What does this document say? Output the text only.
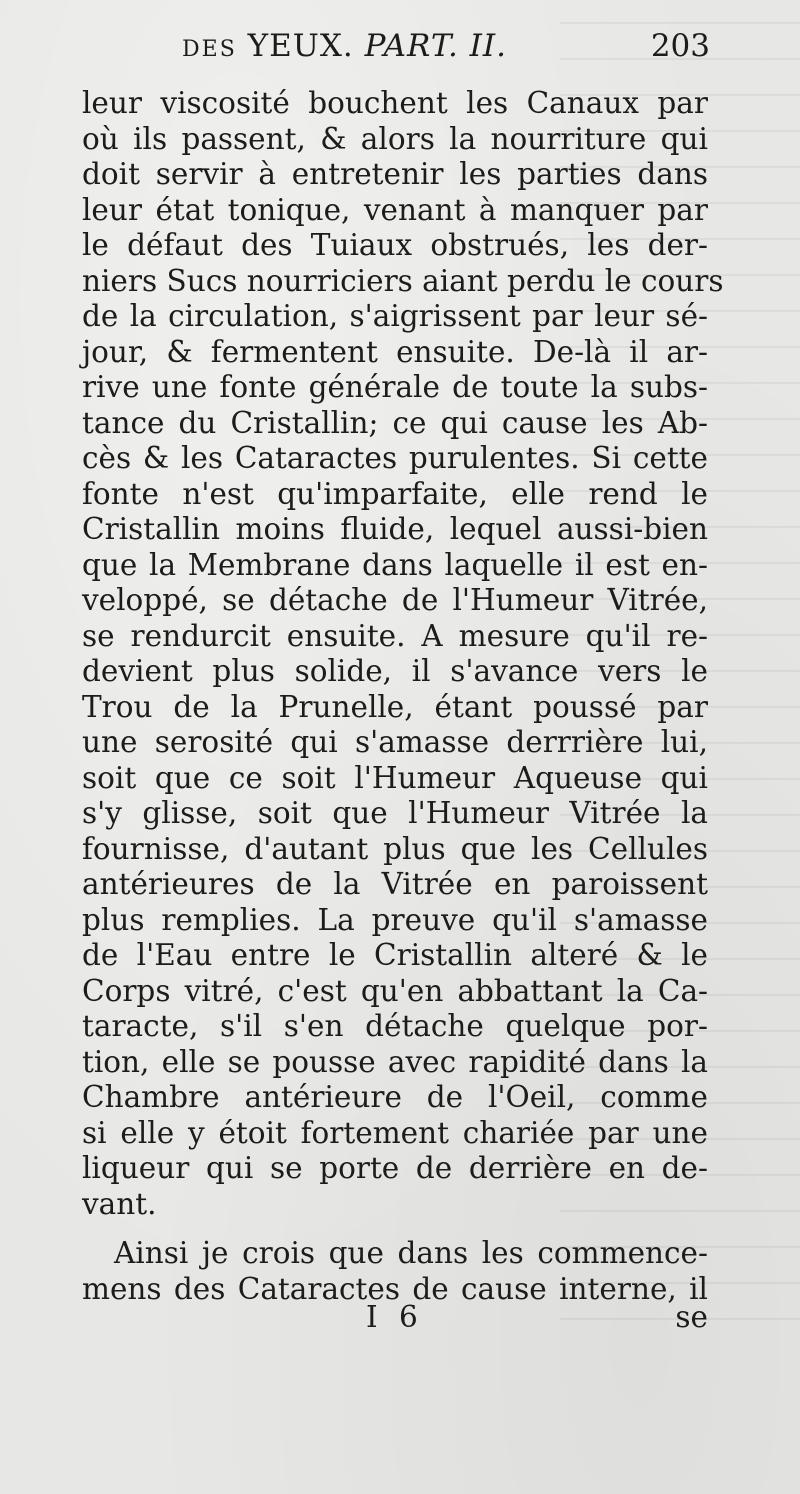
DES YEUX. PART. II.	203
leur viscosité bouchent les Canaux par
où ils passent, & alors la nourriture qui
doit servir à entretenir les parties dans
leur état tonique, venant à manquer par
le défaut des Tuiaux obstrués, les der-
niers Sucs nourriciers aiant perdu le cours
de la circulation, s'aigrissent par leur sé-
jour, & fermentent ensuite. De-là il ar-
rive une fonte générale de toute la subs-
tance du Cristallin; ce qui cause les Ab-
cès & les Cataractes purulentes. Si cette
fonte n'est qu'imparfaite, elle rend le
Cristallin moins fluide, lequel aussi-bien
que la Membrane dans laquelle il est en-
veloppé, se détache de l'Humeur Vitrée,
se rendurcit ensuite. A mesure qu'il re-
devient plus solide, il s'avance vers le
Trou de la Prunelle, étant poussé par
une serosité qui s'amasse derrrière lui,
soit que ce soit l'Humeur Aqueuse qui
s'y glisse, soit que l'Humeur Vitrée la
fournisse, d'autant plus que les Cellules
antérieures de la Vitrée en paroissent
plus remplies. La preuve qu'il s'amasse
de l'Eau entre le Cristallin alteré & le
Corps vitré, c'est qu'en abbattant la Ca-
taracte, s'il s'en détache quelque por-
tion, elle se pousse avec rapidité dans la
Chambre antérieure de l'Oeil, comme
si elle y étoit fortement chariée par une
liqueur qui se porte de derrière en de-
vant.
Ainsi je crois que dans les commence-
mens des Cataractes de cause interne, il
I 6	se
